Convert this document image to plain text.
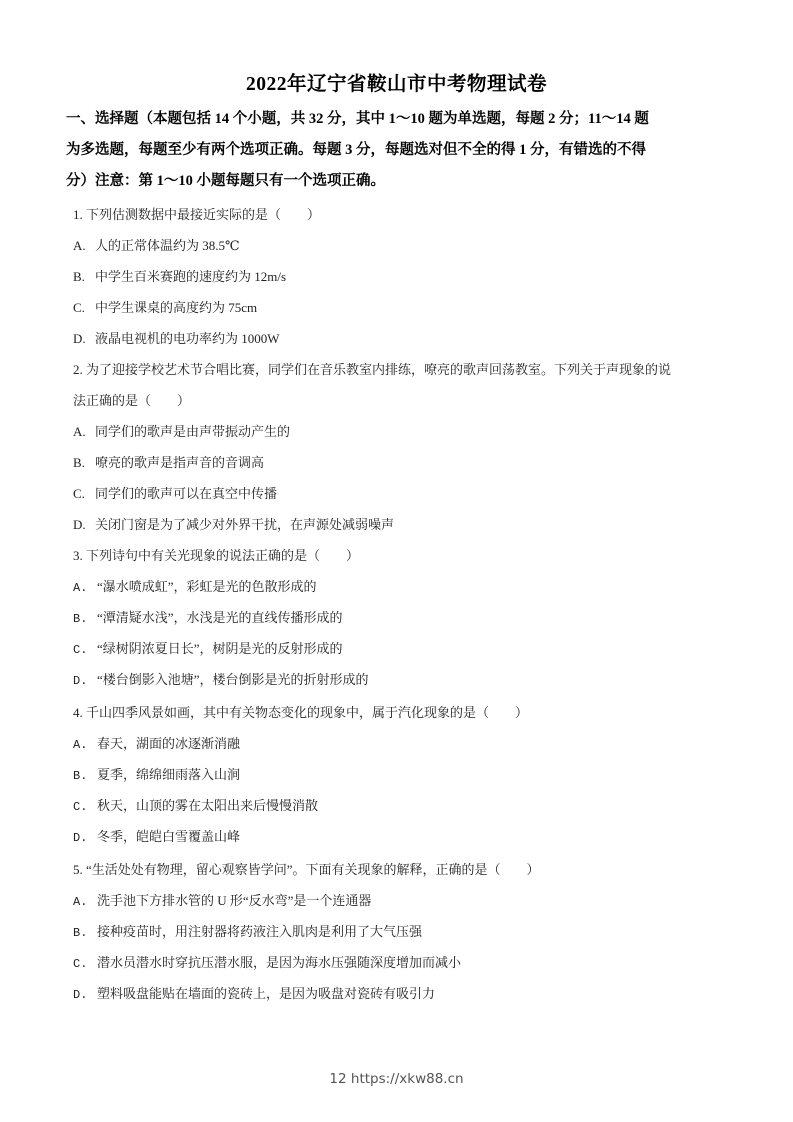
2022年辽宁省鞍山市中考物理试卷
一、选择题（本题包括 14 个小题，共 32 分，其中 1～10 题为单选题，每题 2 分；11～14 题
为多选题，每题至少有两个选项正确。每题 3 分，每题选对但不全的得 1 分，有错选的不得
分）注意：第 1～10 小题每题只有一个选项正确。
1. 下列估测数据中最接近实际的是（　　）
A. 人的正常体温约为 38.5℃
B. 中学生百米赛跑的速度约为 12m/s
C. 中学生课桌的高度约为 75cm
D. 液晶电视机的电功率约为 1000W
2. 为了迎接学校艺术节合唱比赛，同学们在音乐教室内排练，嘹亮的歌声回荡教室。下列关于声现象的说
法正确的是（　　）
A. 同学们的歌声是由声带振动产生的
B. 嘹亮的歌声是指声音的音调高
C. 同学们的歌声可以在真空中传播
D. 关闭门窗是为了减少对外界干扰，在声源处减弱噪声
3. 下列诗句中有关光现象的说法正确的是（　　）
A. “瀑水喷成虹”，彩虹是光的色散形成的
B. “潭清疑水浅”，水浅是光的直线传播形成的
C. “绿树阴浓夏日长”，树阴是光的反射形成的
D. “楼台倒影入池塘”，楼台倒影是光的折射形成的
4. 千山四季风景如画，其中有关物态变化的现象中，属于汽化现象的是（　　）
A. 春天，湖面的冰逐渐消融
B. 夏季，绵绵细雨落入山涧
C. 秋天，山顶的雾在太阳出来后慢慢消散
D. 冬季，皑皑白雪覆盖山峰
5. “生活处处有物理，留心观察皆学问”。下面有关现象的解释，正确的是（　　）
A. 洗手池下方排水管的 U 形“反水弯”是一个连通器
B. 接种疫苗时，用注射器将药液注入肌肉是利用了大气压强
C. 潜水员潜水时穿抗压潜水服，是因为海水压强随深度增加而减小
D. 塑料吸盘能贴在墙面的瓷砖上，是因为吸盘对瓷砖有吸引力
12 https://xkw88.cn
